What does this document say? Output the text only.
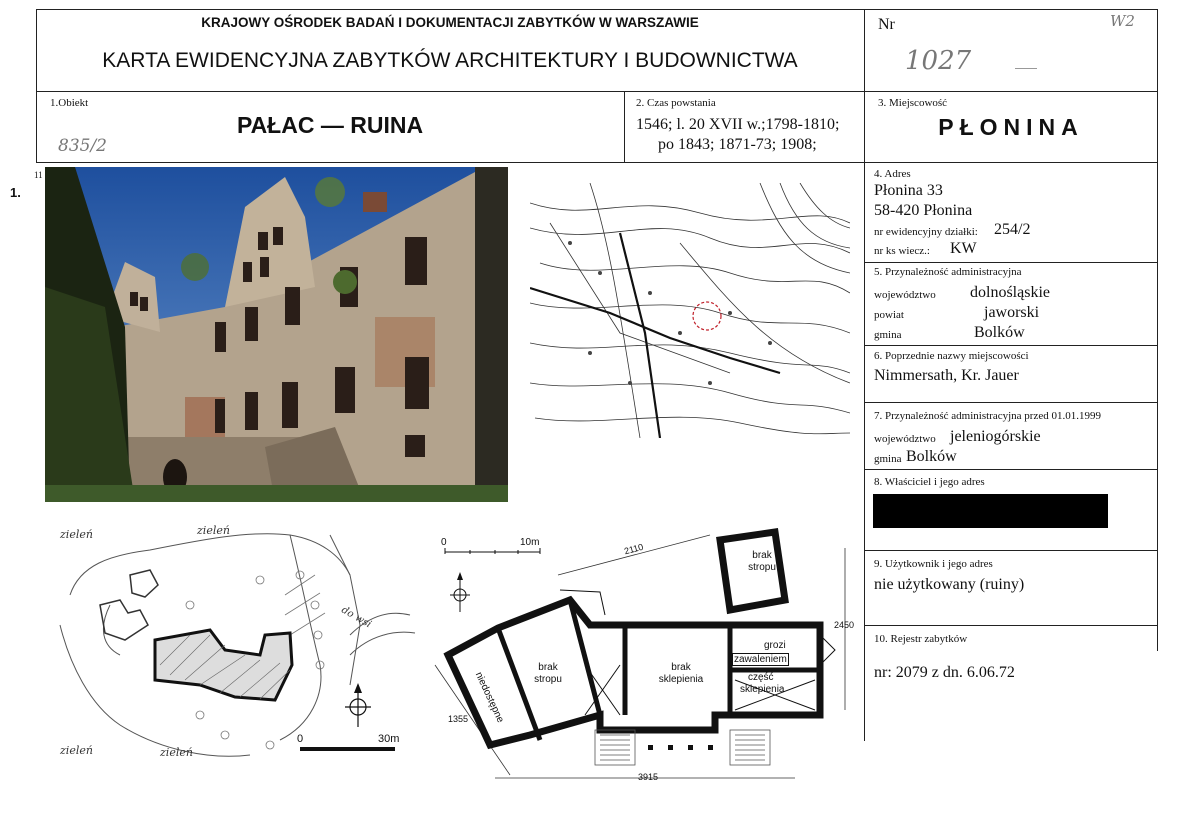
KRAJOWY OŚRODEK BADAŃ I DOKUMENTACJI ZABYTKÓW W WARSZAWIE
KARTA EWIDENCYJNA ZABYTKÓW ARCHITEKTURY I BUDOWNICTWA
Nr
1027
W2
1.Obiekt
PAŁAC — RUINA
835/2
2. Czas powstania
1546; l. 20 XVII w.;1798-1810;
po 1843; 1871-73; 1908;
3. Miejscowość
PŁONINA
4. Adres
Płonina 33
58-420 Płonina
nr ewidencyjny działki: 254/2
nr ks wiecz.: KW
5. Przynależność administracyjna
województwo dolnośląskie
powiat	jaworski
gmina	Bolków
6. Poprzednie nazwy miejscowości
Nimmersath, Kr. Jauer
7. Przynależność administracyjna przed 01.01.1999
województwo jeleniogórskie
gmina Bolków
8. Właściciel i jego adres
9. Użytkownik i jego adres
nie użytkowany (ruiny)
10. Rejestr zabytków
nr: 2079 z dn. 6.06.72
1.
11
zieleń	zieleń
zieleń	zieleń
do wsi
0	30m
0	10m	2110
2450
1355
3915
brak stropu
brak stropu
niedostępne
brak sklepienia
grozi
zawaleniem
część
sklepienia
